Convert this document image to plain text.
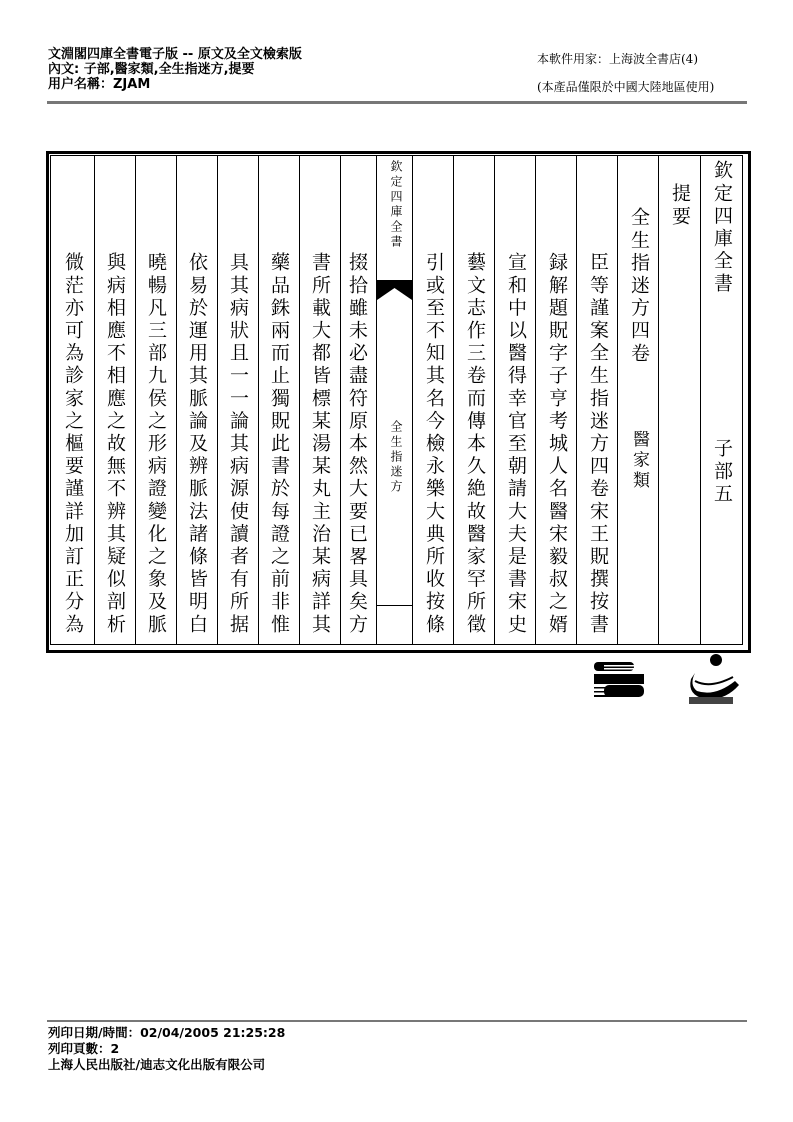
文淵閣四庫全書電子版 -- 原文及全文檢索版
內文: 子部,醫家類,全生指迷方,提要
用户名稱：ZJAM
本軟件用家：上海波全書店(4)
(本產品僅限於中國大陸地區使用)
欽定四庫全書
子部五
提要
全生指迷方四卷
醫家類
臣等謹案全生指迷方四卷宋王貺撰按書
録解題貺字子亨考城人名醫宋毅叔之婿
宣和中以醫得幸官至朝請大夫是書宋史
藝文志作三卷而傳本久絶故醫家罕所徵
引或至不知其名今檢永樂大典所收按條
欽定四庫全書
全生指迷方
掇拾雖未必盡符原本然大要已畧具矣方
書所載大都皆標某湯某丸主治某病詳其
藥品銖兩而止獨貺此書於每證之前非惟
具其病狀且一一論其病源使讀者有所据
依易於運用其脈論及辨脈法諸條皆明白
曉暢凡三部九侯之形病證變化之象及脈
與病相應不相應之故無不辨其疑似剖析
微茫亦可為診家之樞要謹詳加訂正分為
列印日期/時間：02/04/2005 21:25:28
列印頁數：2
上海人民出版社/迪志文化出版有限公司
